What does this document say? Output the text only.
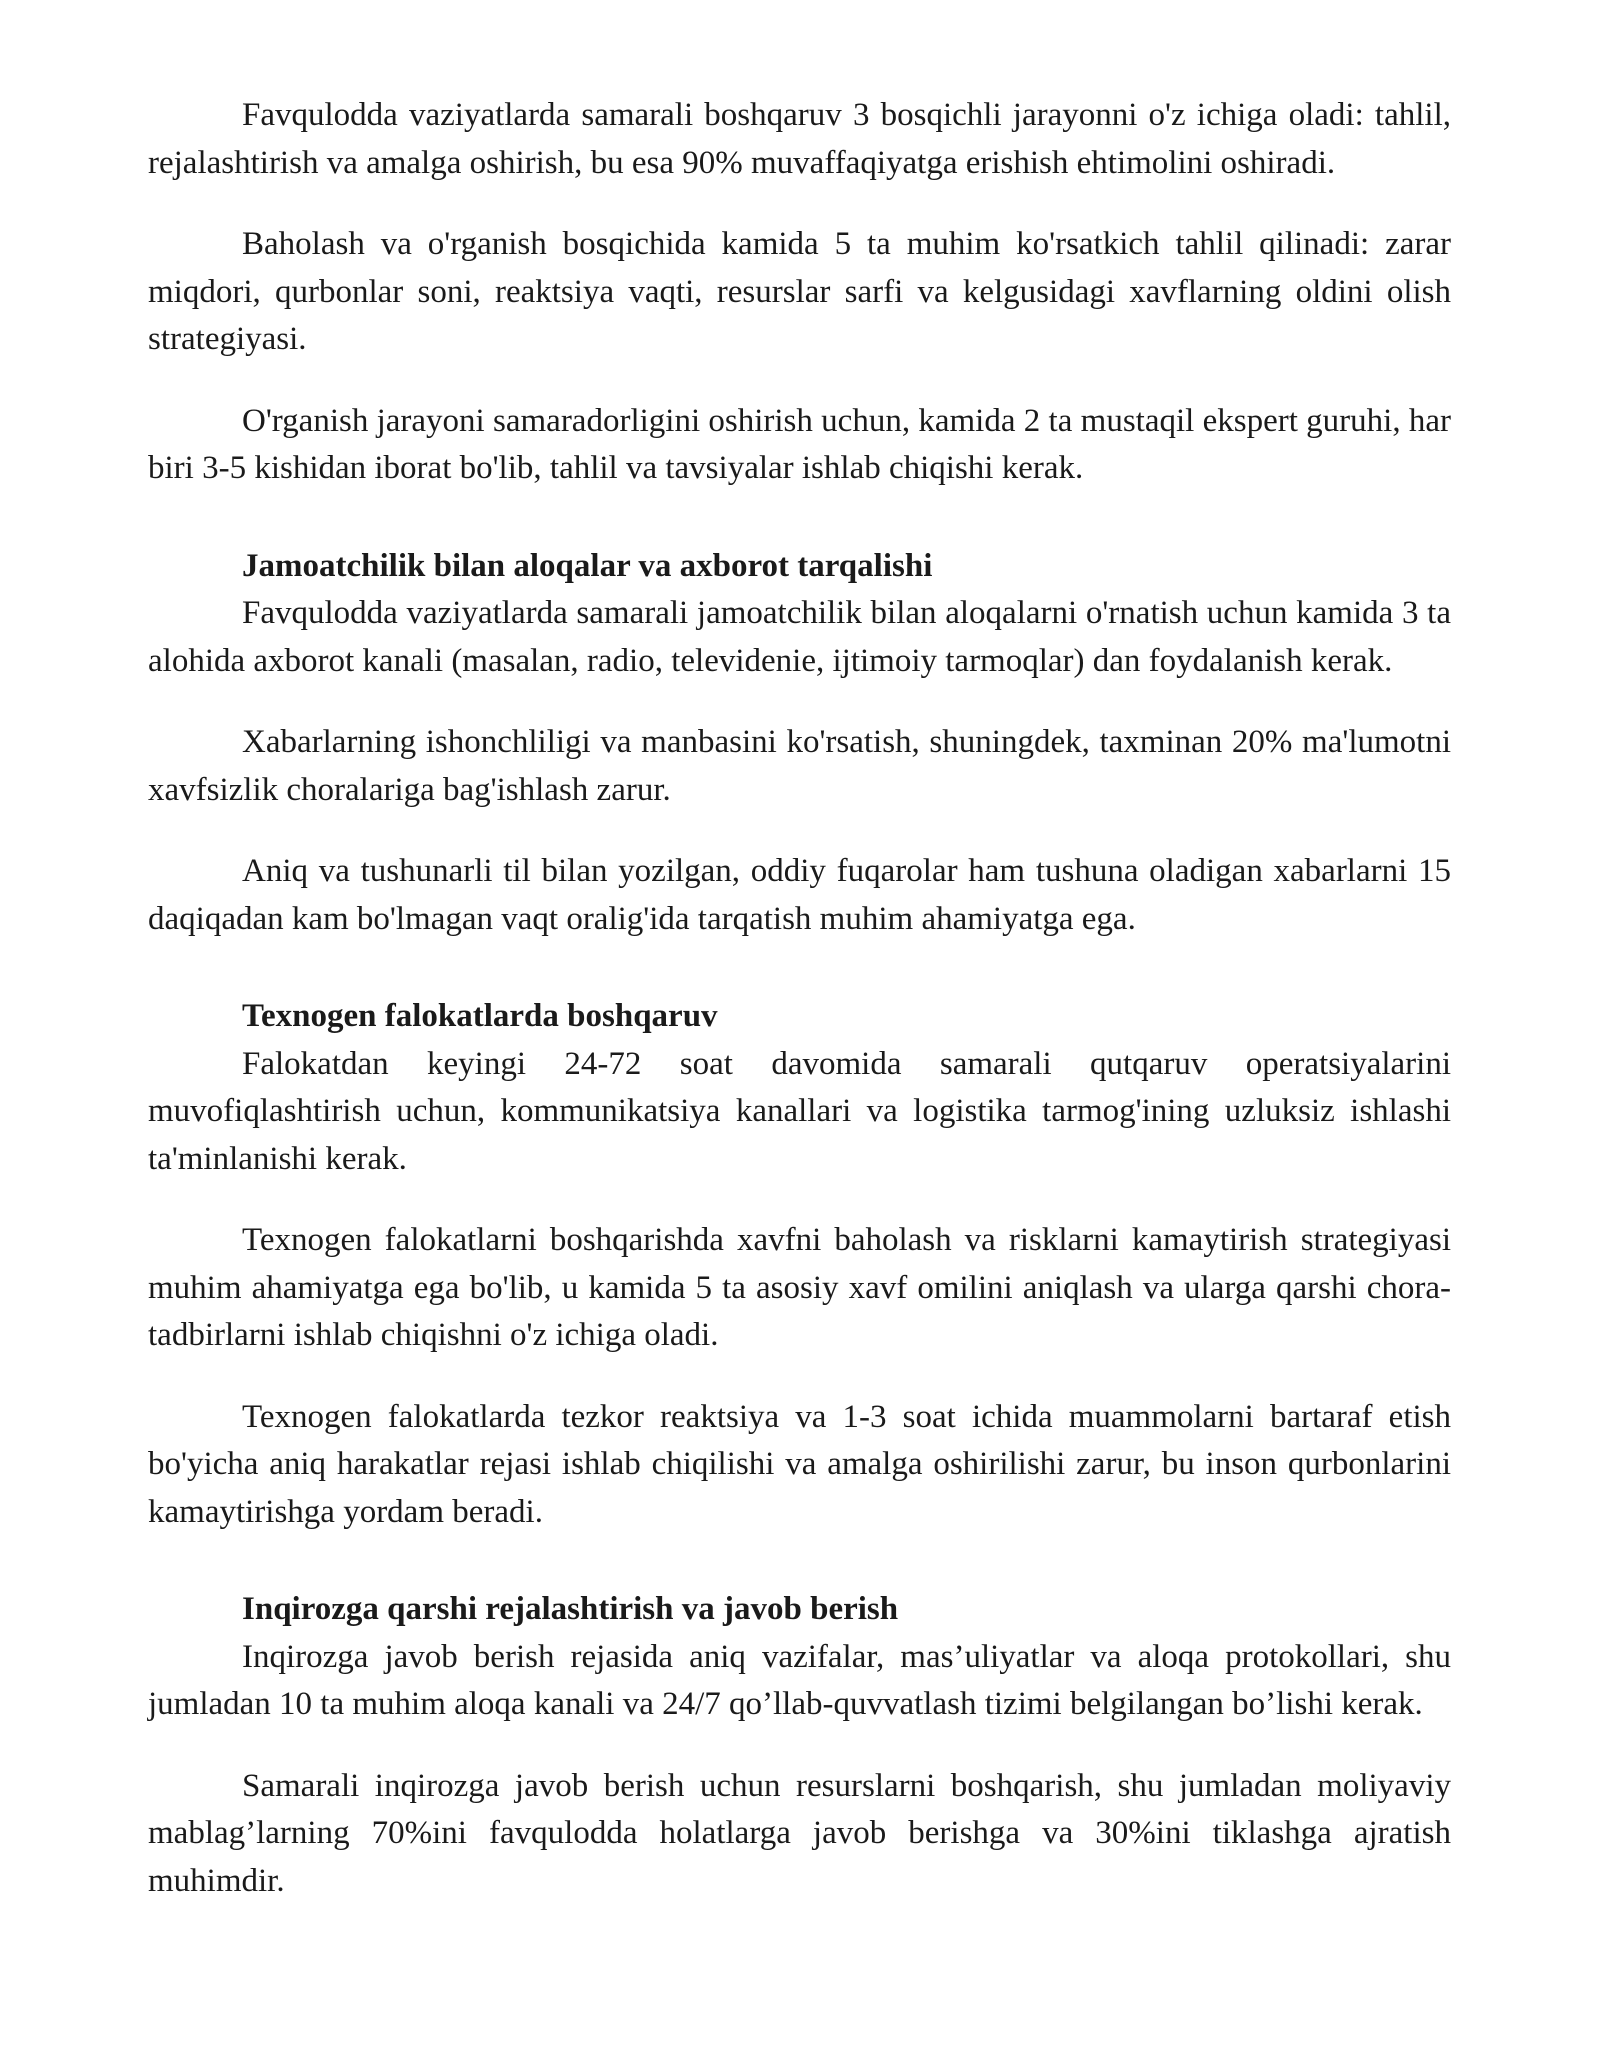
Favqulodda vaziyatlarda samarali boshqaruv 3 bosqichli jarayonni o'z ichiga oladi: tahlil, rejalashtirish va amalga oshirish, bu esa 90% muvaffaqiyatga erishish ehtimolini oshiradi.

Baholash va o'rganish bosqichida kamida 5 ta muhim ko'rsatkich tahlil qilinadi: zarar miqdori, qurbonlar soni, reaktsiya vaqti, resurslar sarfi va kelgusidagi xavflarning oldini olish strategiyasi.

O'rganish jarayoni samaradorligini oshirish uchun, kamida 2 ta mustaqil ekspert guruhi, har biri 3-5 kishidan iborat bo'lib, tahlil va tavsiyalar ishlab chiqishi kerak.

Jamoatchilik bilan aloqalar va axborot tarqalishi

Favqulodda vaziyatlarda samarali jamoatchilik bilan aloqalarni o'rnatish uchun kamida 3 ta alohida axborot kanali (masalan, radio, televidenie, ijtimoiy tarmoqlar) dan foydalanish kerak.

Xabarlarning ishonchliligi va manbasini ko'rsatish, shuningdek, taxminan 20% ma'lumotni xavfsizlik choralariga bag'ishlash zarur.

Aniq va tushunarli til bilan yozilgan, oddiy fuqarolar ham tushuna oladigan xabarlarni 15 daqiqadan kam bo'lmagan vaqt oralig'ida tarqatish muhim ahamiyatga ega.

Texnogen falokatlarda boshqaruv

Falokatdan keyingi 24-72 soat davomida samarali qutqaruv operatsiyalarini muvofiqlashtirish uchun, kommunikatsiya kanallari va logistika tarmog'ining uzluksiz ishlashi ta'minlanishi kerak.

Texnogen falokatlarni boshqarishda xavfni baholash va risklarni kamaytirish strategiyasi muhim ahamiyatga ega bo'lib, u kamida 5 ta asosiy xavf omilini aniqlash va ularga qarshi chora-tadbirlarni ishlab chiqishni o'z ichiga oladi.

Texnogen falokatlarda tezkor reaktsiya va 1-3 soat ichida muammolarni bartaraf etish bo'yicha aniq harakatlar rejasi ishlab chiqilishi va amalga oshirilishi zarur, bu inson qurbonlarini kamaytirishga yordam beradi.

Inqirozga qarshi rejalashtirish va javob berish

Inqirozga javob berish rejasida aniq vazifalar, mas’uliyatlar va aloqa protokollari, shu jumladan 10 ta muhim aloqa kanali va 24/7 qo’llab-quvvatlash tizimi belgilangan bo’lishi kerak.

Samarali inqirozga javob berish uchun resurslarni boshqarish, shu jumladan moliyaviy mablag’larning 70%ini favqulodda holatlarga javob berishga va 30%ini tiklashga ajratish muhimdir.
